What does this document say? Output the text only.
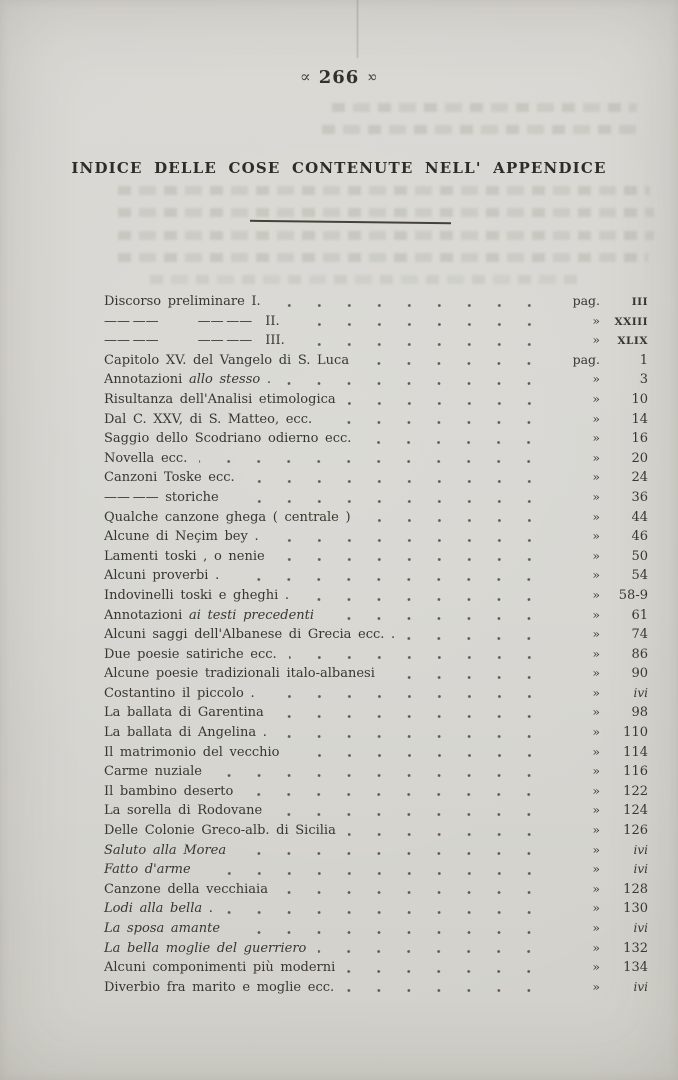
∝ 266 ∝
INDICE DELLE COSE CONTENUTE NELL' APPENDICE
Discorso preliminare I.	pag.	III
—— ——   —— —— II.	»	XXIII
—— ——   —— —— III.	»	XLIX
Capitolo XV. del Vangelo di S. Luca	pag.	1
Annotazioni allo stesso .	»	3
Risultanza dell'Analisi etimologica	»	10
Dal C. XXV, di S. Matteo, ecc.	»	14
Saggio dello Scodriano odierno ecc.	»	16
Novella ecc.	»	20
Canzoni Toske ecc.	»	24
—— —— storiche	»	36
Qualche canzone ghega ( centrale )	»	44
Alcune di Neçim bey .	»	46
Lamenti toski , o nenie	»	50
Alcuni proverbi .	»	54
Indovinelli toski e gheghi .	»	58-9
Annotazioni ai testi precedenti	»	61
Alcuni saggi dell'Albanese di Grecia ecc. .	»	74
Due poesie satiriche ecc.	»	86
Alcune poesie tradizionali italo-albanesi	»	90
Costantino il piccolo .	»	ivi
La ballata di Garentina	»	98
La ballata di Angelina .	»	110
Il matrimonio del vecchio	»	114
Carme nuziale	»	116
Il bambino deserto	»	122
La sorella di Rodovane	»	124
Delle Colonie Greco-alb. di Sicilia	»	126
Saluto alla Morea	»	ivi
Fatto d'arme	»	ivi
Canzone della vecchiaia	»	128
Lodi alla bella .	»	130
La sposa amante	»	ivi
La bella moglie del guerriero	»	132
Alcuni componimenti più moderni	»	134
Diverbio fra marito e moglie ecc.	»	ivi
